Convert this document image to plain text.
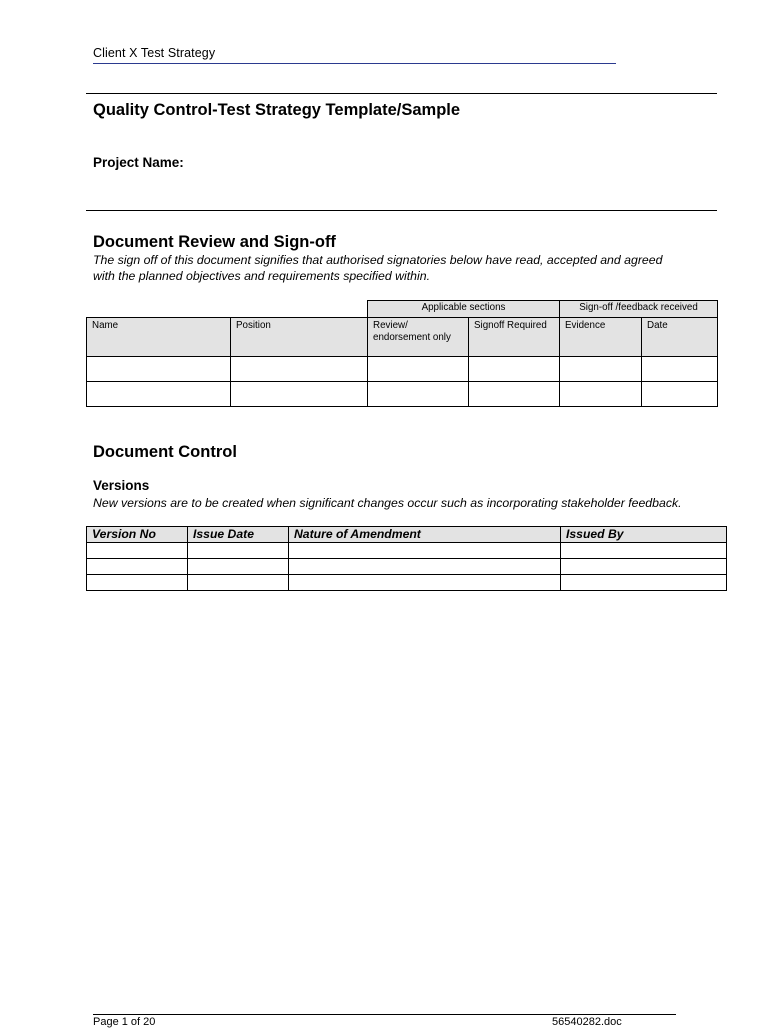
Client X Test Strategy
Quality Control-Test Strategy Template/Sample
Project Name:
Document Review and Sign-off
The sign off of this document signifies that authorised signatories below have read, accepted and agreed with the planned objectives and requirements specified within.
		Applicable sections		Sign-off /feedback received	
Name	Position	Review/ endorsement only	Signoff Required	Evidence	Date

Document Control
Versions
New versions are to be created when significant changes occur such as incorporating stakeholder feedback.
Version No	Issue Date	Nature of Amendment	Issued By

Page 1 of 20	56540282.doc
